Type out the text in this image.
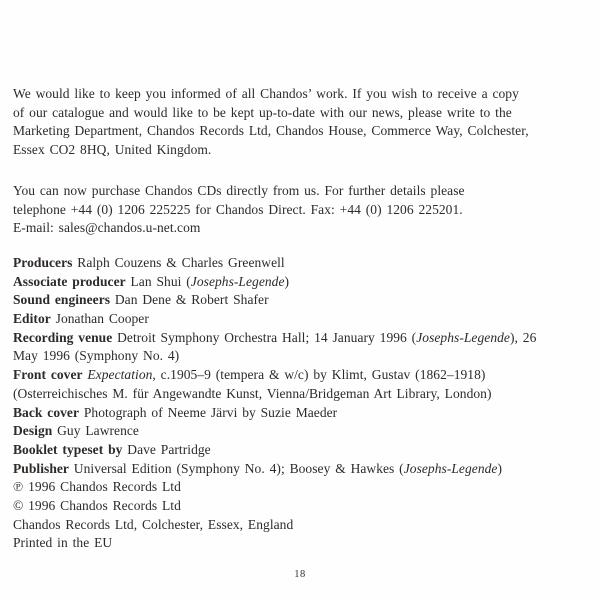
We would like to keep you informed of all Chandos’ work. If you wish to receive a copy
of our catalogue and would like to be kept up-to-date with our news, please write to the
Marketing Department, Chandos Records Ltd, Chandos House, Commerce Way, Colchester,
Essex CO2 8HQ, United Kingdom.
You can now purchase Chandos CDs directly from us. For further details please
telephone +44 (0) 1206 225225 for Chandos Direct. Fax: +44 (0) 1206 225201.
E-mail: sales@chandos.u-net.com
Producers Ralph Couzens & Charles Greenwell
Associate producer Lan Shui (Josephs-Legende)
Sound engineers Dan Dene & Robert Shafer
Editor Jonathan Cooper
Recording venue Detroit Symphony Orchestra Hall; 14 January 1996 (Josephs-Legende), 26
May 1996 (Symphony No. 4)
Front cover Expectation, c.1905–9 (tempera & w/c) by Klimt, Gustav (1862–1918)
(Osterreichisches M. für Angewandte Kunst, Vienna/Bridgeman Art Library, London)
Back cover Photograph of Neeme Järvi by Suzie Maeder
Design Guy Lawrence
Booklet typeset by Dave Partridge
Publisher Universal Edition (Symphony No. 4); Boosey & Hawkes (Josephs-Legende)
℗ 1996 Chandos Records Ltd
© 1996 Chandos Records Ltd
Chandos Records Ltd, Colchester, Essex, England
Printed in the EU
18
